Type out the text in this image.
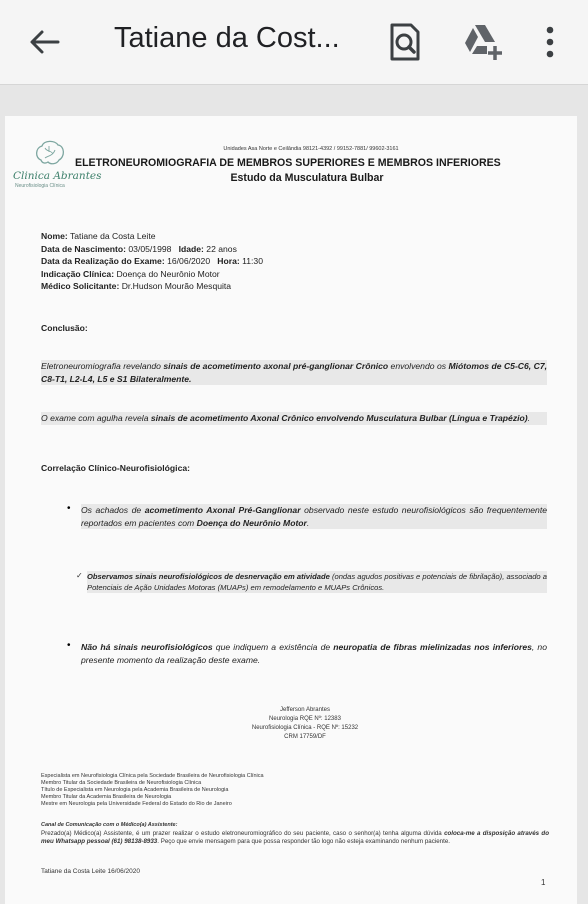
Tatiane da Cost...
Clinica Abrantes
Neurofisiologia Clínica
Unidades Asa Norte e Ceilândia 98121-4392 / 99152-7881/ 99602-3161
ELETRONEUROMIOGRAFIA DE MEMBROS SUPERIORES E MEMBROS INFERIORES
Estudo da Musculatura Bulbar
Nome: Tatiane da Costa Leite
Data de Nascimento: 03/05/1998 Idade: 22 anos
Data da Realização do Exame: 16/06/2020 Hora: 11:30
Indicação Clínica: Doença do Neurônio Motor
Médico Solicitante: Dr.Hudson Mourão Mesquita
Conclusão:
Eletroneuromiografia revelando sinais de acometimento axonal pré-ganglionar Crônico envolvendo os Miótomos de C5-C6, C7, C8-T1, L2-L4, L5 e S1 Bilateralmente.
O exame com agulha revela sinais de acometimento Axonal Crônico envolvendo Musculatura Bulbar (Língua e Trapézio).
Correlação Clínico-Neurofisiológica:
• Os achados de acometimento Axonal Pré-Ganglionar observado neste estudo neurofisiológicos são frequentemente reportados em pacientes com Doença do Neurônio Motor.
✓ Observamos sinais neurofisiológicos de desnervação em atividade (ondas agudos positivas e potenciais de fibrilação), associado a Potenciais de Ação Unidades Motoras (MUAPs) em remodelamento e MUAPs Crônicos.
• Não há sinais neurofisiológicos que indiquem a existência de neuropatia de fibras mielinizadas nos inferiores, no presente momento da realização deste exame.
Jefferson Abrantes
Neurologia RQE Nº: 12383
Neurofisiologia Clínica - RQE Nº: 15232
CRM 17759/DF
Especialista em Neurofisiologia Clínica pela Sociedade Brasileira de Neurofisiologia Clínica
Membro Titular da Sociedade Brasileira de Neurofisiologia Clínica
Título de Especialista em Neurologia pela Academia Brasileira de Neurologia
Membro Titular da Academia Brasileira de Neurologia
Mestre em Neurologia pela Universidade Federal do Estado do Rio de Janeiro
Canal de Comunicação com o Médico(a) Assistente:
Prezado(a) Médico(a) Assistente, é um prazer realizar o estudo eletroneuromiográfico do seu paciente, caso o senhor(a) tenha alguma dúvida coloca-me a disposição através do meu Whatsapp pessoal (61) 98138-8933. Peço que envie mensagem para que possa responder tão logo não esteja examinando nenhum paciente.
Tatiane da Costa Leite 16/06/2020
1
